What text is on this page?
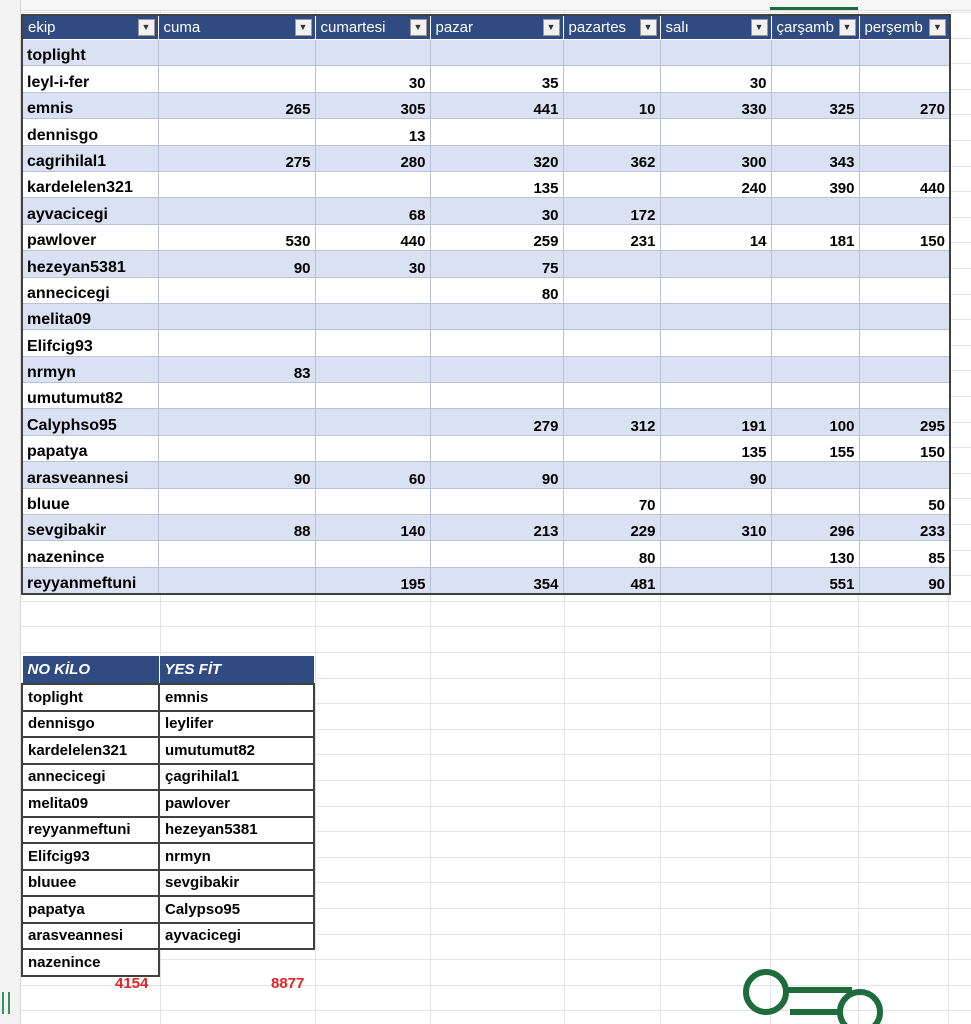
ekip ▼	cuma ▼	cumartesi ▼	pazar ▼	pazartes ▼	salı ▼	çarşamb ▼	perşemb ▼

toplight							
leyl-i-fer		30	35		30		
emnis	265	305	441	10	330	325	270
dennisgo		13					
cagrihilal1	275	280	320	362	300	343	
kardelelen321			135		240	390	440
ayvacicegi		68	30	172			
pawlover	530	440	259	231	14	181	150
hezeyan5381	90	30	75				
annecicegi			80				
melita09							
Elifcig93							
nrmyn	83						
umutumut82							
Calyphso95			279	312	191	100	295
papatya					135	155	150
arasveannesi	90	60	90		90		
bluue				70			50
sevgibakir	88	140	213	229	310	296	233
nazenince				80		130	85
reyyanmeftuni		195	354	481		551	90
NO KİLO	YES FİT
toplight	emnis
dennisgo	leylifer
kardelelen321	umutumut82
annecicegi	çagrihilal1
melita09	pawlover
reyyanmeftuni	hezeyan5381
Elifcig93	nrmyn
bluuee	sevgibakir
papatya	Calypso95
arasveannesi	ayvacicegi
nazenince	
4154	8877
